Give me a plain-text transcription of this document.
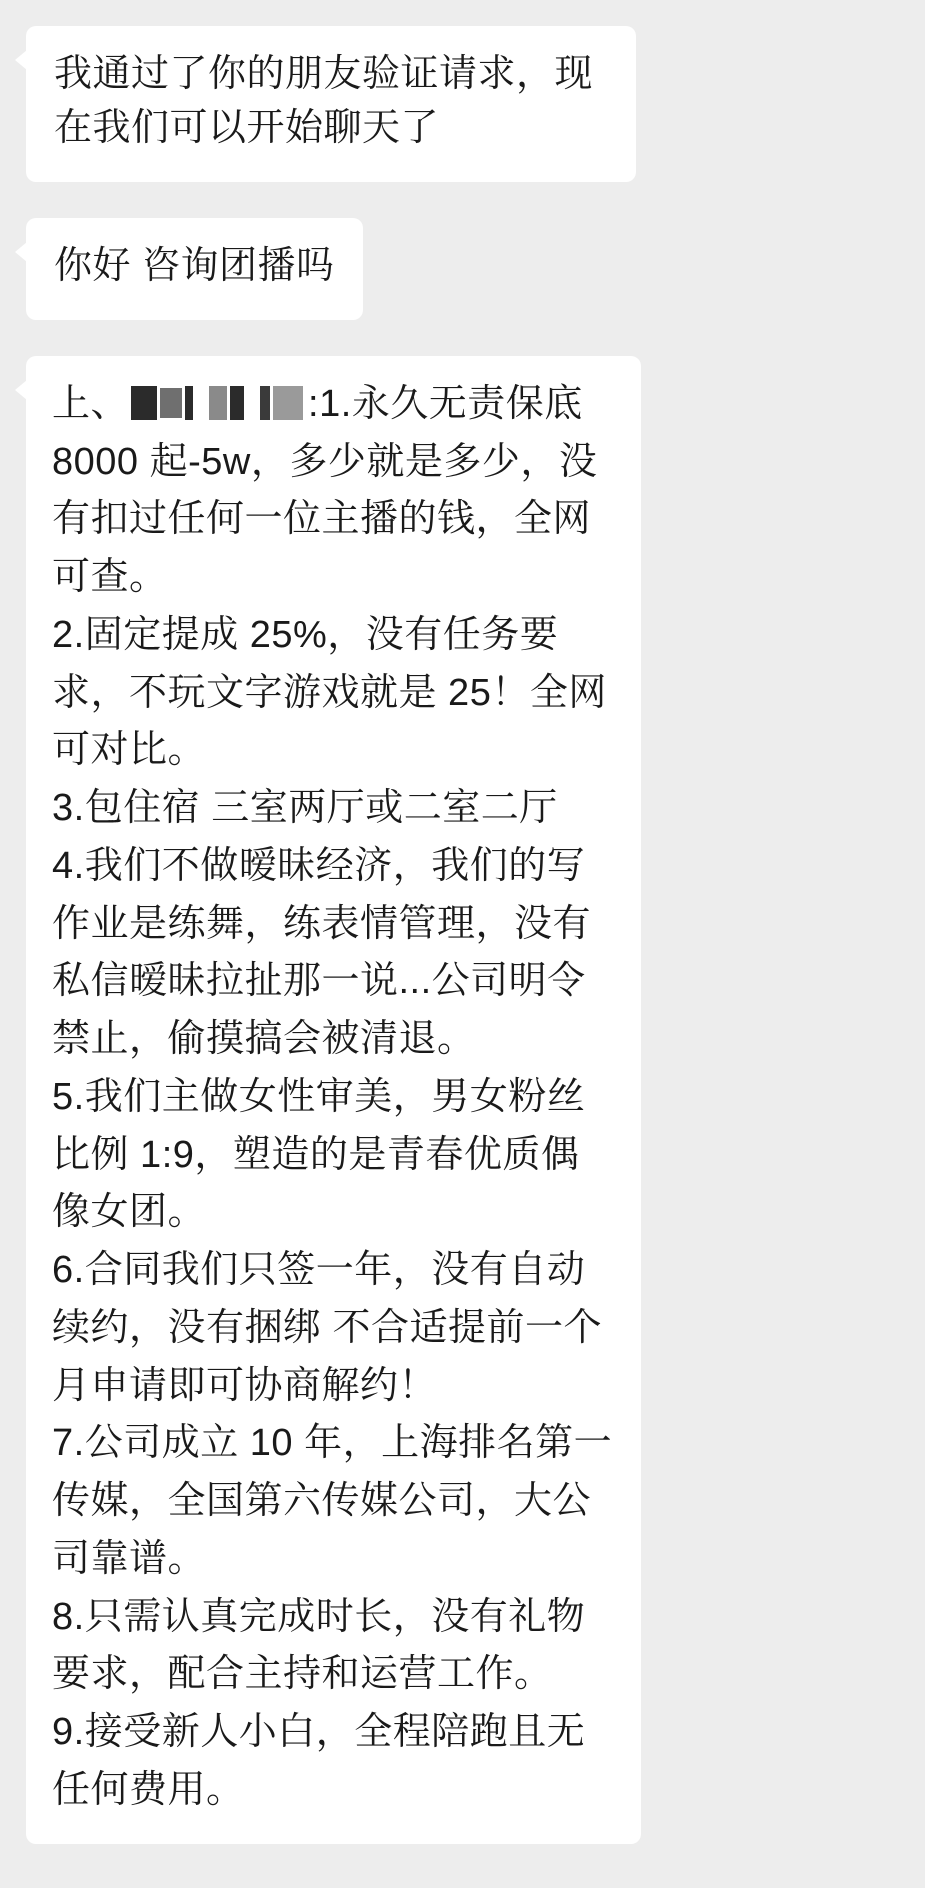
我通过了你的朋友验证请求，现在我们可以开始聊天了

你好 咨询团播吗

上、	:1.永久无责保底

8000 起-5w，多少就是多少，没有扣过任何一位主播的钱，全网可查。
2.固定提成 25%，没有任务要求，不玩文字游戏就是 25！全网可对比。
3.包住宿 三室两厅或二室二厅
4.我们不做暧昧经济，我们的写作业是练舞，练表情管理，没有私信暧昧拉扯那一说...公司明令禁止，偷摸搞会被清退。
5.我们主做女性审美，男女粉丝比例 1:9，塑造的是青春优质偶像女团。
6.合同我们只签一年，没有自动续约，没有捆绑 不合适提前一个月申请即可协商解约！
7.公司成立 10 年，上海排名第一传媒，全国第六传媒公司，大公司靠谱。
8.只需认真完成时长，没有礼物要求，配合主持和运营工作。
9.接受新人小白，全程陪跑且无任何费用。
